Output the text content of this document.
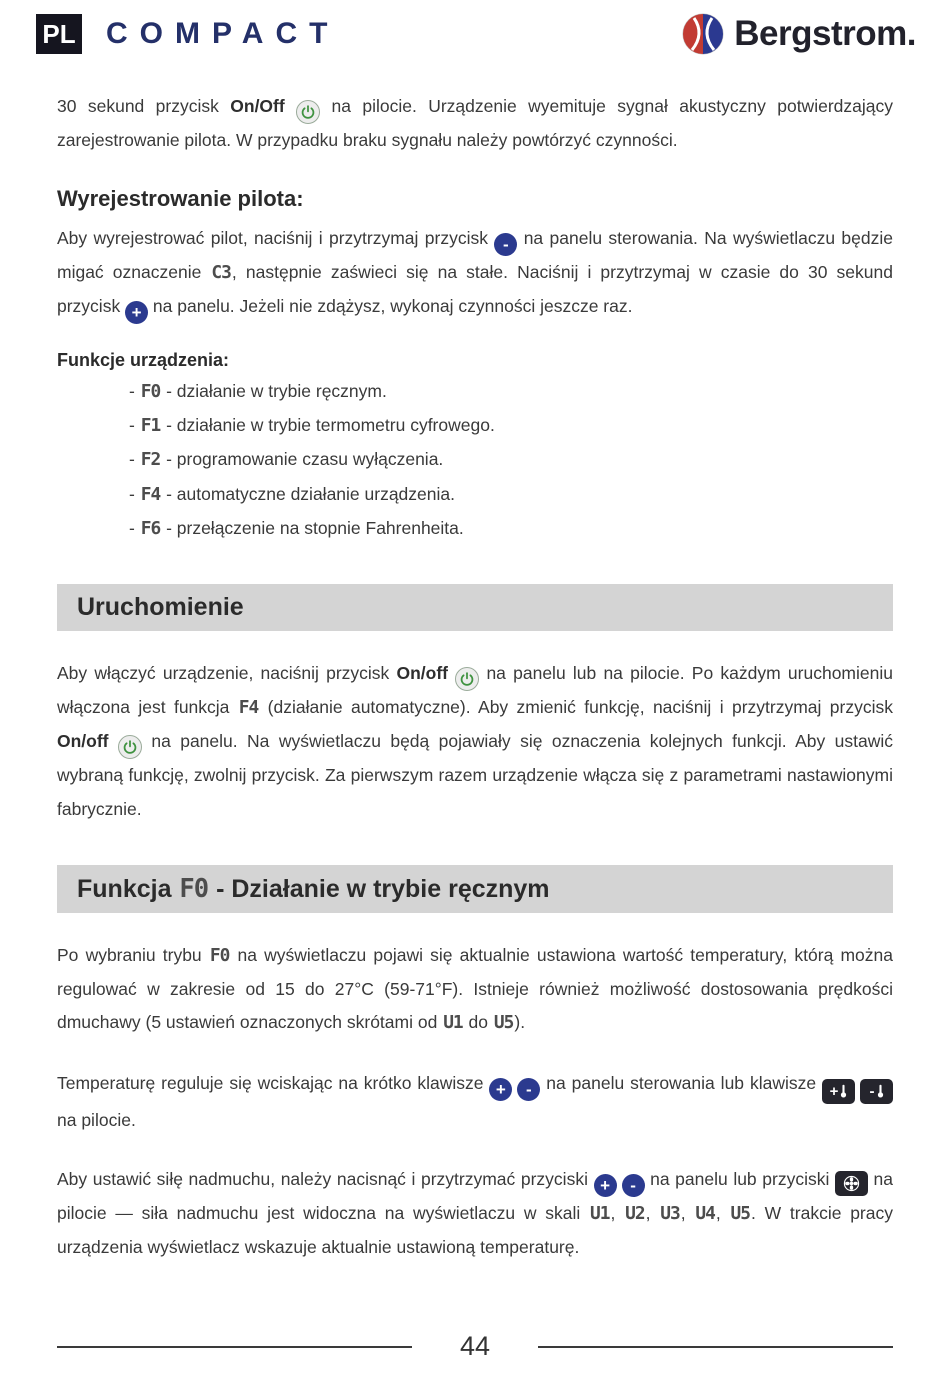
PL COMPACT	Bergstrom.

30 sekund przycisk On/Off
na pilocie. Urządzenie wyemituje sygnał akustyczny potwierdzający zarejestrowanie pilota. W przypadku braku sygnału należy powtórzyć czynności.

Wyrejestrowanie pilota:

Aby wyrejestrować pilot, naciśnij i przytrzymaj przycisk - na panelu sterowania. Na wyświetlaczu będzie migać oznaczenie C3, następnie zaświeci się na stałe. Naciśnij i przytrzymaj w czasie do 30 sekund przycisk + na panelu. Jeżeli nie zdążysz, wykonaj czynności jeszcze raz.

Funkcje urządzenia:
- F0 - działanie w trybie ręcznym.
- F1 - działanie w trybie termometru cyfrowego.
- F2 - programowanie czasu wyłączenia.
- F4 - automatyczne działanie urządzenia.
- F6 - przełączenie na stopnie Fahrenheita.
Uruchomienie

Aby włączyć urządzenie, naciśnij przycisk On/off
na panelu lub na pilocie. Po każdym uruchomieniu włączona jest funkcja F4 (działanie automatyczne). Aby zmienić funkcję, naciśnij i przytrzymaj przycisk On/off
na panelu. Na wyświetlaczu będą pojawiały się oznaczenia kolejnych funkcji. Aby ustawić wybraną funkcję, zwolnij przycisk. Za pierwszym razem urządzenie włącza się z parametrami nastawionymi fabrycznie.

Funkcja F0 - Działanie w trybie ręcznym

Po wybraniu trybu F0 na wyświetlaczu pojawi się aktualnie ustawiona wartość temperatury, którą można regulować w zakresie od 15 do 27°C (59-71°F). Istnieje również możliwość dostosowania prędkości dmuchawy (5 ustawień oznaczonych skrótami od U1 do U5).

Temperaturę reguluje się wciskając na krótko klawisze + - na panelu sterowania lub klawisze + -
na pilocie.

Aby ustawić siłę nadmuchu, należy nacisnąć i przytrzymać przyciski + - na panelu lub przyciski
na pilocie — siła nadmuchu jest widoczna na wyświetlaczu w skali U1, U2, U3, U4, U5. W trakcie pracy urządzenia wyświetlacz wskazuje aktualnie ustawioną temperaturę.

44
